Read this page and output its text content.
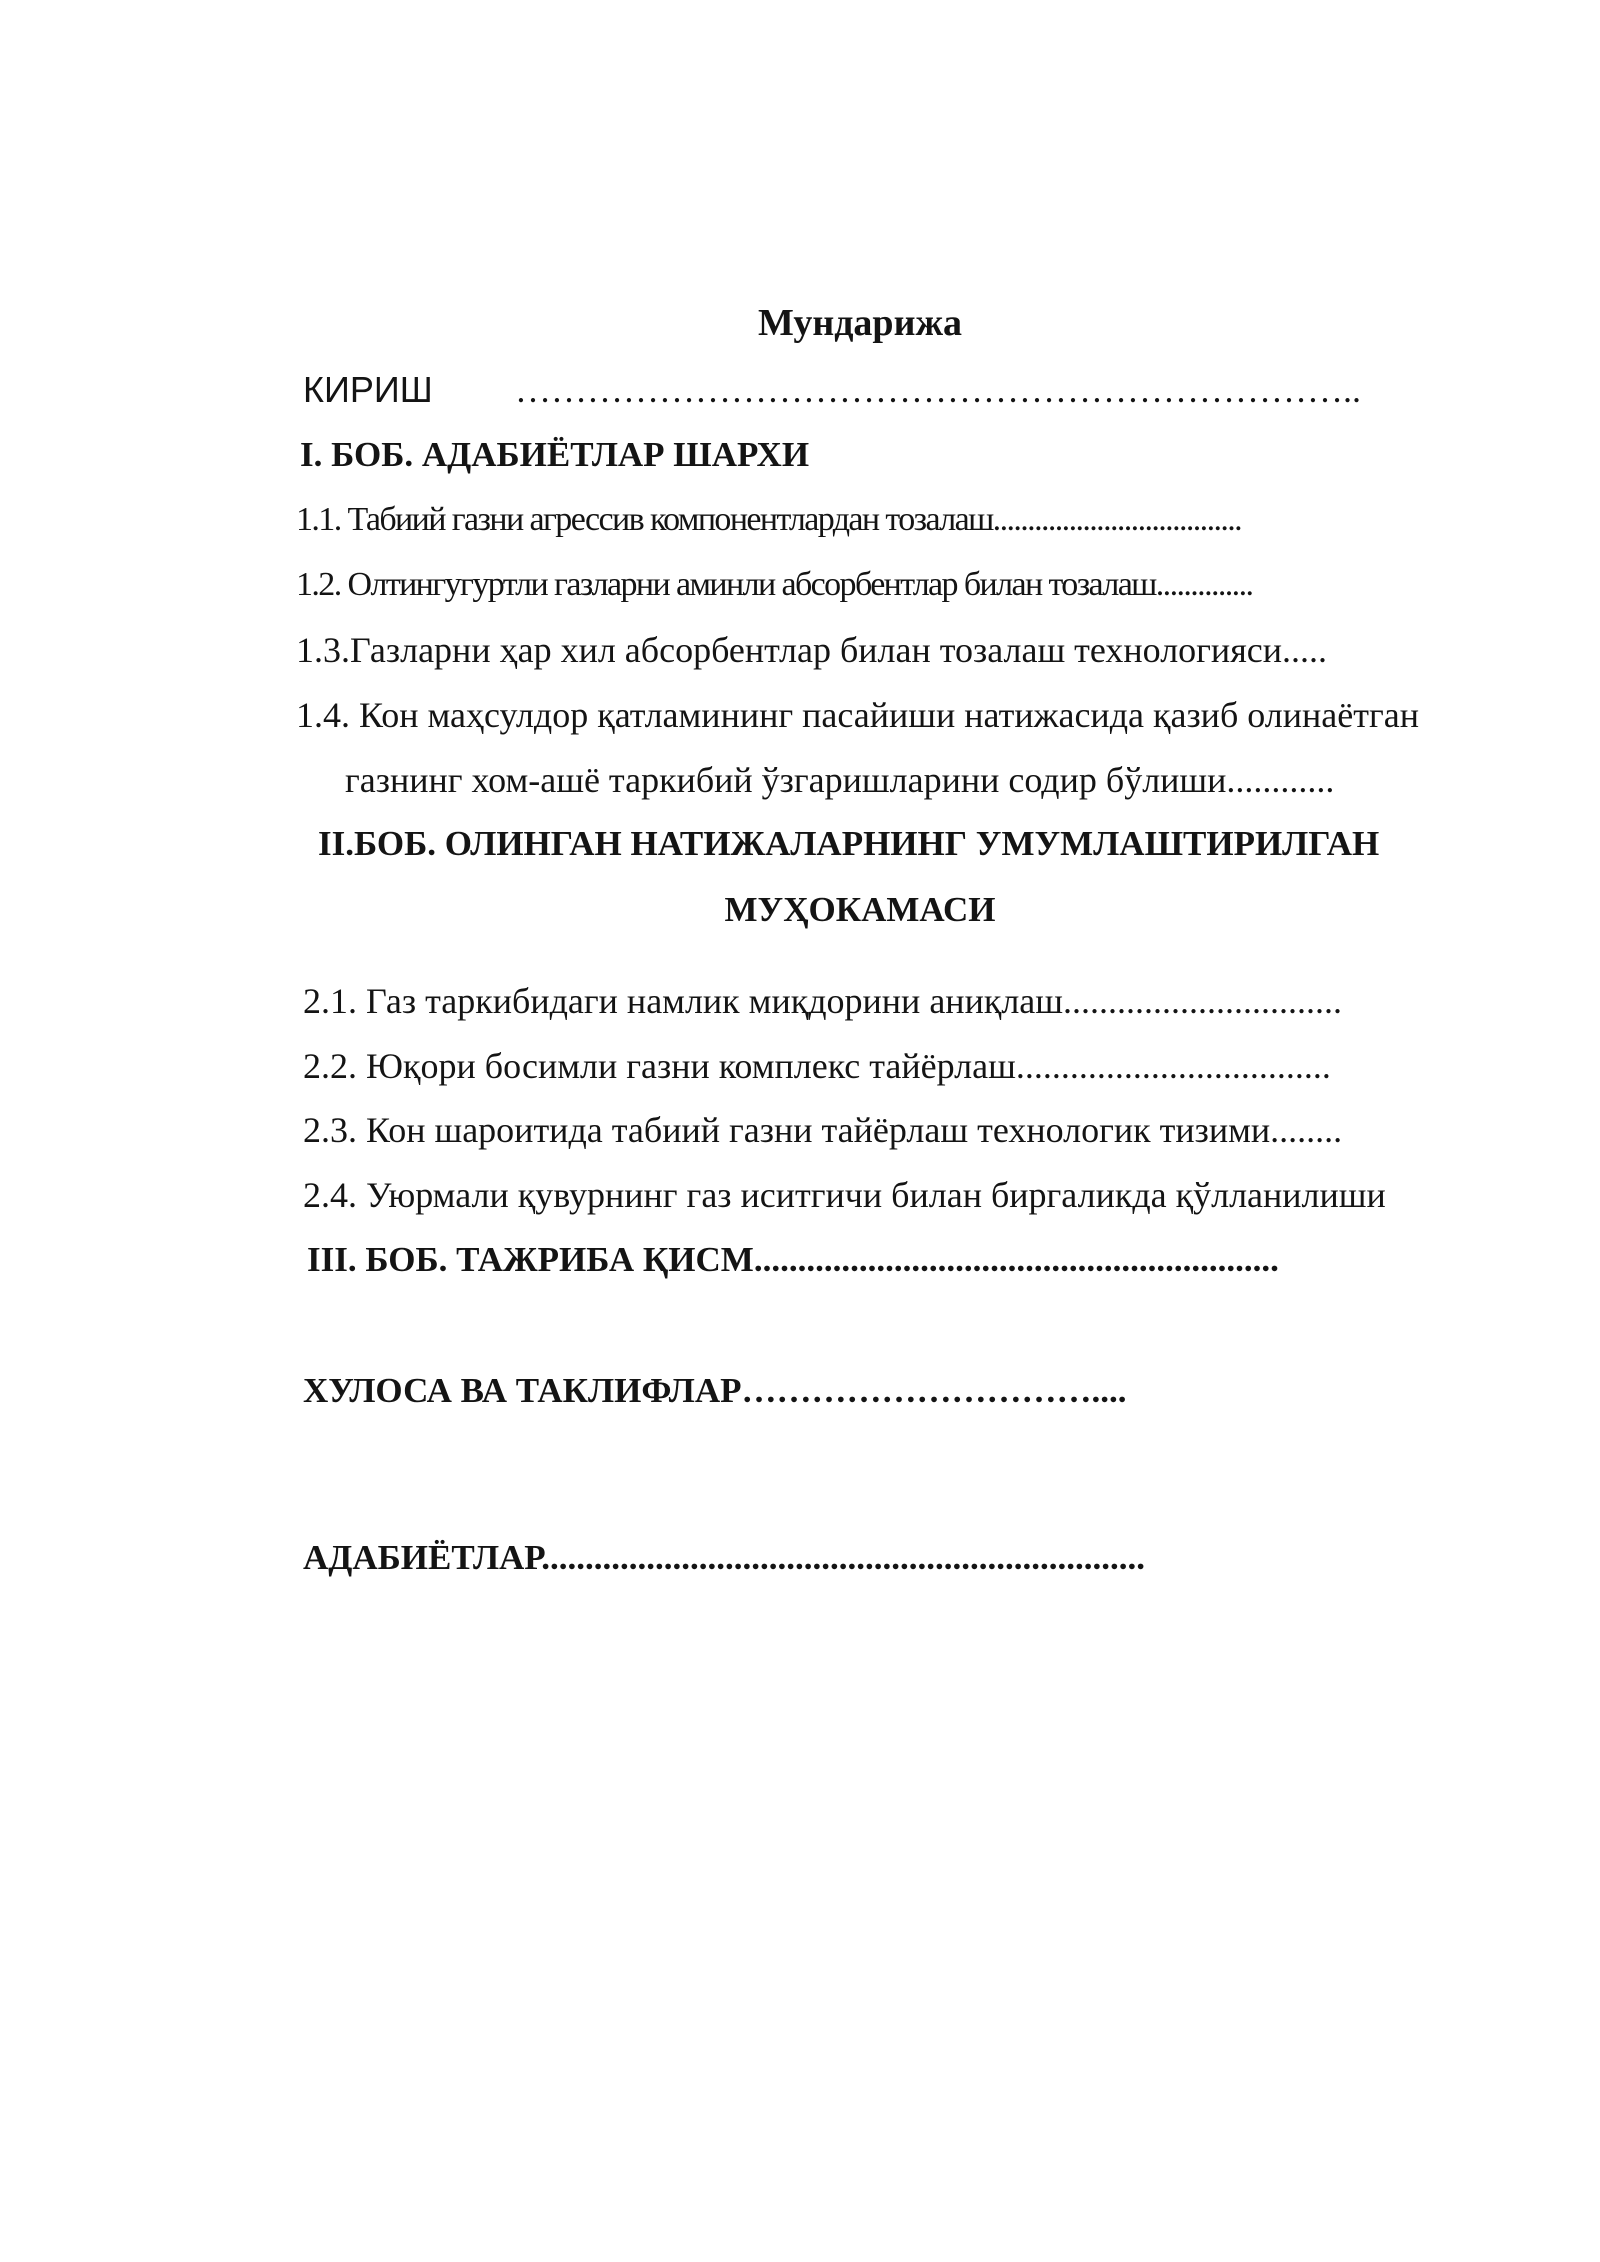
Мундарижа
КИРИШ ……………………………………………………………..
I. БОБ. АДАБИЁТЛАР ШАРХИ
1.1. Табиий газни агрессив компонентлардан тозалаш....................................
1.2. Олтингугуртли газларни аминли абсорбентлар билан тозалаш..............
1.3.Газларни ҳар хил абсорбентлар билан тозалаш технологияси.....
1.4. Кон маҳсулдор қатламининг пасайиши натижасида қазиб олинаётган
газнинг хом-ашё таркибий ўзгаришларини содир бўлиши............
II.БОБ. ОЛИНГАН НАТИЖАЛАРНИНГ УМУМЛАШТИРИЛГАН
МУҲОКАМАСИ
2.1. Газ таркибидаги намлик миқдорини аниқлаш...............................
2.2. Юқори босимли газни комплекс тайёрлаш...................................
2.3. Кон шароитида табиий газни тайёрлаш технологик тизими........
2.4. Уюрмали қувурнинг газ иситгичи билан биргаликда қўлланилиши
III. БОБ. ТАЖРИБА ҚИСМ............................................................
ХУЛОСА ВА ТАКЛИФЛАР…………………………....
АДАБИЁТЛАР.....................................................................
